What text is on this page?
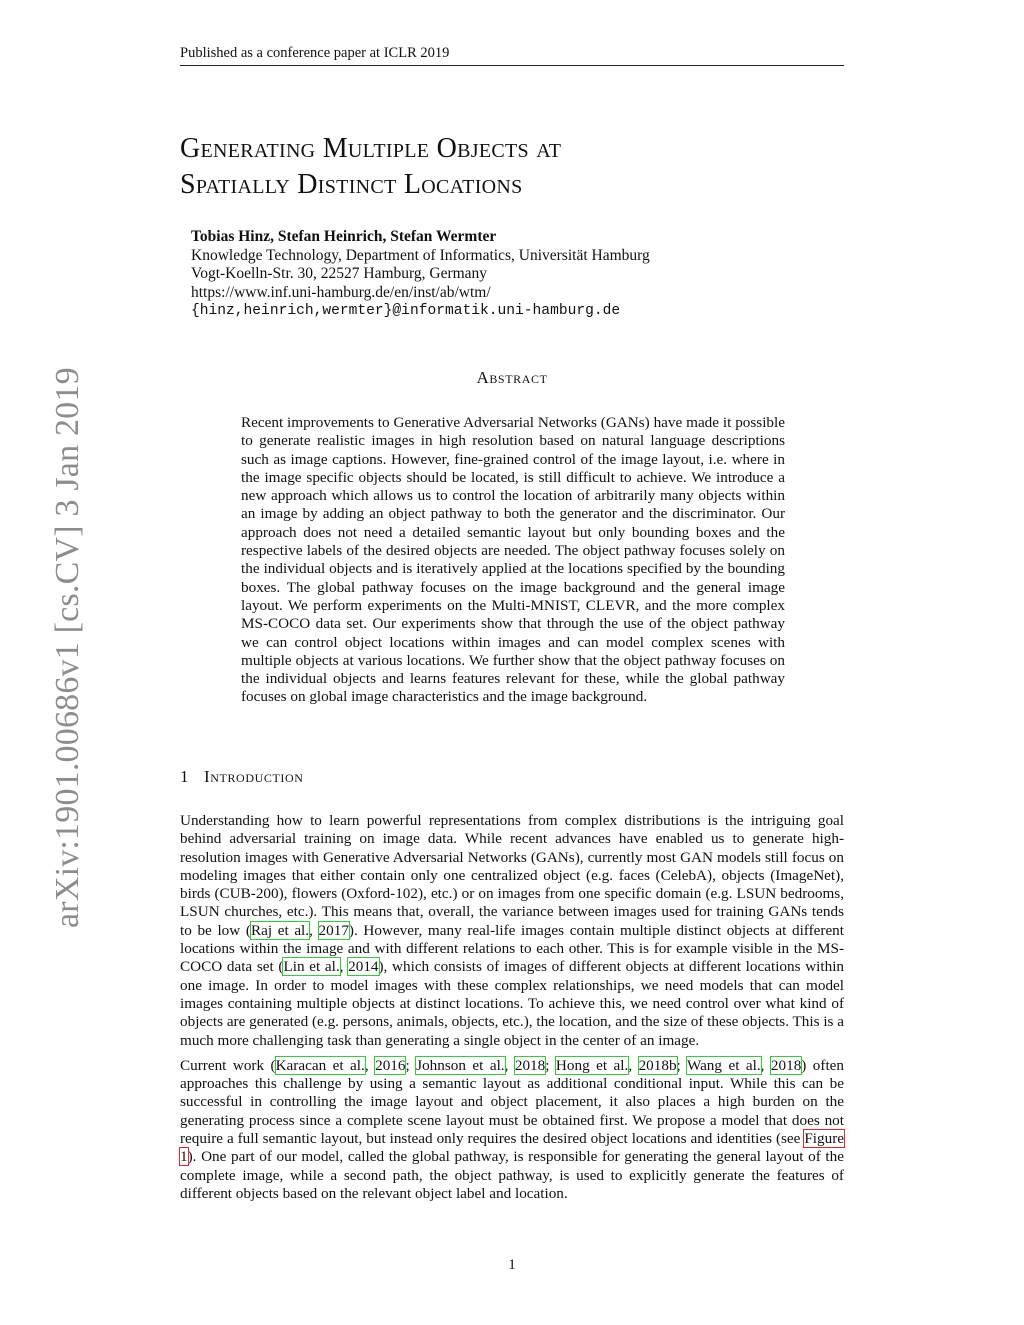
Published as a conference paper at ICLR 2019
Generating Multiple Objects at
Spatially Distinct Locations
Tobias Hinz, Stefan Heinrich, Stefan Wermter
Knowledge Technology, Department of Informatics, Universität Hamburg
Vogt-Koelln-Str. 30, 22527 Hamburg, Germany
https://www.inf.uni-hamburg.de/en/inst/ab/wtm/
{hinz,heinrich,wermter}@informatik.uni-hamburg.de
arXiv:1901.00686v1 [cs.CV] 3 Jan 2019	Abstract
Recent improvements to Generative Adversarial Networks (GANs) have made it possible to generate realistic images in high resolution based on natural language descriptions such as image captions. However, fine-grained control of the image layout, i.e. where in the image specific objects should be located, is still difficult to achieve. We introduce a new approach which allows us to control the location of arbitrarily many objects within an image by adding an object pathway to both the generator and the discriminator. Our approach does not need a detailed semantic layout but only bounding boxes and the respective labels of the desired objects are needed. The object pathway focuses solely on the individual objects and is iteratively applied at the locations specified by the bounding boxes. The global pathway focuses on the image background and the general image layout. We perform experiments on the Multi-MNIST, CLEVR, and the more complex MS-COCO data set. Our experiments show that through the use of the object pathway we can control object locations within images and can model complex scenes with multiple objects at various locations. We further show that the object pathway focuses on the individual objects and learns features relevant for these, while the global pathway focuses on global image characteristics and the image background.
1 Introduction

Understanding how to learn powerful representations from complex distributions is the intriguing goal behind adversarial training on image data. While recent advances have enabled us to generate high-resolution images with Generative Adversarial Networks (GANs), currently most GAN models still focus on modeling images that either contain only one centralized object (e.g. faces (CelebA), objects (ImageNet), birds (CUB-200), flowers (Oxford-102), etc.) or on images from one specific domain (e.g. LSUN bedrooms, LSUN churches, etc.). This means that, overall, the variance between images used for training GANs tends to be low (Raj et al., 2017). However, many real-life images contain multiple distinct objects at different locations within the image and with different relations to each other. This is for example visible in the MS-COCO data set (Lin et al., 2014), which consists of images of different objects at different locations within one image. In order to model images with these complex relationships, we need models that can model images containing multiple objects at distinct locations. To achieve this, we need control over what kind of objects are generated (e.g. persons, animals, objects, etc.), the location, and the size of these objects. This is a much more challenging task than generating a single object in the center of an image.

Current work (Karacan et al., 2016; Johnson et al., 2018; Hong et al., 2018b; Wang et al., 2018) often approaches this challenge by using a semantic layout as additional conditional input. While this can be successful in controlling the image layout and object placement, it also places a high burden on the generating process since a complete scene layout must be obtained first. We propose a model that does not require a full semantic layout, but instead only requires the desired object locations and identities (see Figure 1). One part of our model, called the global pathway, is responsible for generating the general layout of the complete image, while a second path, the object pathway, is used to explicitly generate the features of different objects based on the relevant object label and location.

1
